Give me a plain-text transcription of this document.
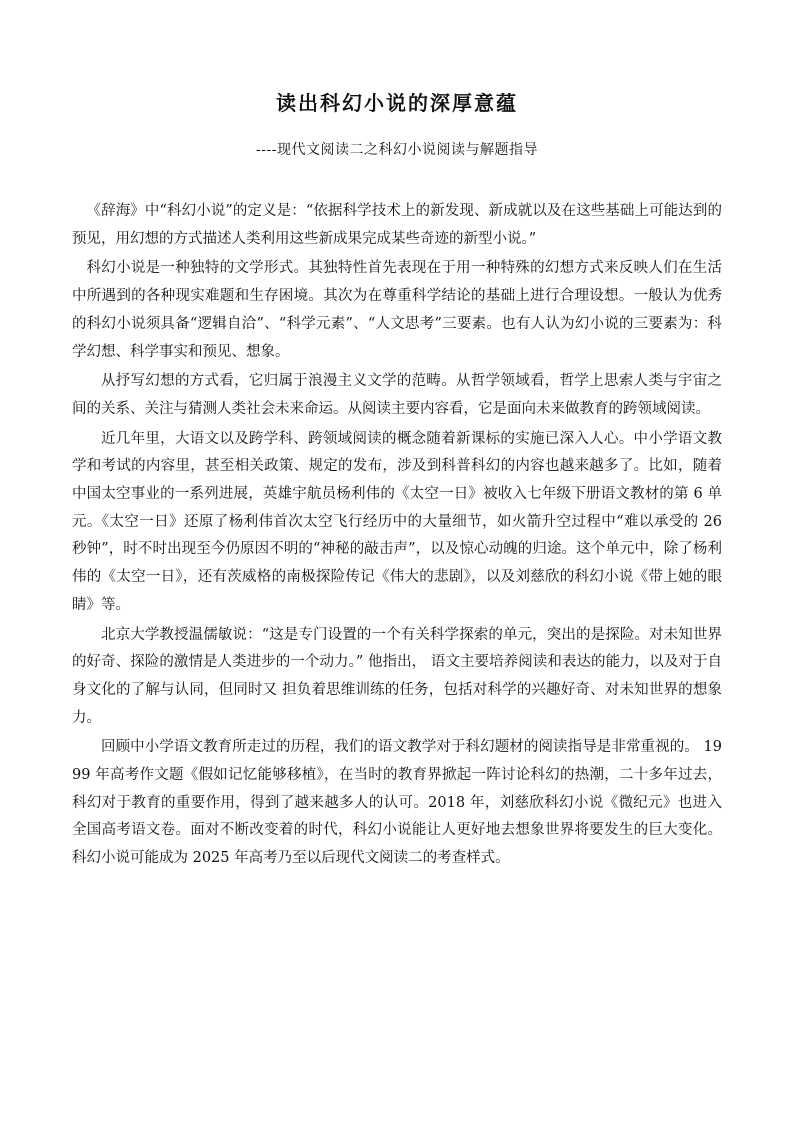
读出科幻小说的深厚意蕴

----现代文阅读二之科幻小说阅读与解题指导

《辞海》中“科幻小说”的定义是：“依据科学技术上的新发现、新成就以及在这些基础上可能达到的预见，用幻想的方式描述人类利用这些新成果完成某些奇迹的新型小说。”

科幻小说是一种独特的文学形式。其独特性首先表现在于用一种特殊的幻想方式来反映人们在生活中所遇到的各种现实难题和生存困境。其次为在尊重科学结论的基础上进行合理设想。一般认为优秀的科幻小说须具备“逻辑自洽”、“科学元素”、“人文思考”三要素。也有人认为幻小说的三要素为：科学幻想、科学事实和预见、想象。

从抒写幻想的方式看，它归属于浪漫主义文学的范畴。从哲学领域看，哲学上思索人类与宇宙之间的关系、关注与猜测人类社会未来命运。从阅读主要内容看，它是面向未来做教育的跨领域阅读。

近几年里，大语文以及跨学科、跨领域阅读的概念随着新课标的实施已深入人心。中小学语文教学和考试的内容里，甚至相关政策、规定的发布，涉及到科普科幻的内容也越来越多了。比如，随着中国太空事业的一系列进展，英雄宇航员杨利伟的《太空一日》被收入七年级下册语文教材的第 6 单元。《太空一日》还原了杨利伟首次太空飞行经历中的大量细节，如火箭升空过程中“难以承受的 26 秒钟”，时不时出现至今仍原因不明的“神秘的敲击声”，以及惊心动魄的归途。这个单元中，除了杨利伟的《太空一日》，还有茨威格的南极探险传记《伟大的悲剧》，以及刘慈欣的科幻小说《带上她的眼睛》等。

北京大学教授温儒敏说：“这是专门设置的一个有关科学探索的单元，突出的是探险。对未知世界的好奇、探险的激情是人类进步的一个动力。” 他指出， 语文主要培养阅读和表达的能力，以及对于自身文化的了解与认同，但同时又 担负着思维训练的任务，包括对科学的兴趣好奇、对未知世界的想象力。

回顾中小学语文教育所走过的历程，我们的语文教学对于科幻题材的阅读指导是非常重视的。 1999 年高考作文题《假如记忆能够移植》，在当时的教育界掀起一阵讨论科幻的热潮，二十多年过去，科幻对于教育的重要作用，得到了越来越多人的认可。2018 年，刘慈欣科幻小说《微纪元》也进入全国高考语文卷。面对不断改变着的时代，科幻小说能让人更好地去想象世界将要发生的巨大变化。科幻小说可能成为 2025 年高考乃至以后现代文阅读二的考查样式。
